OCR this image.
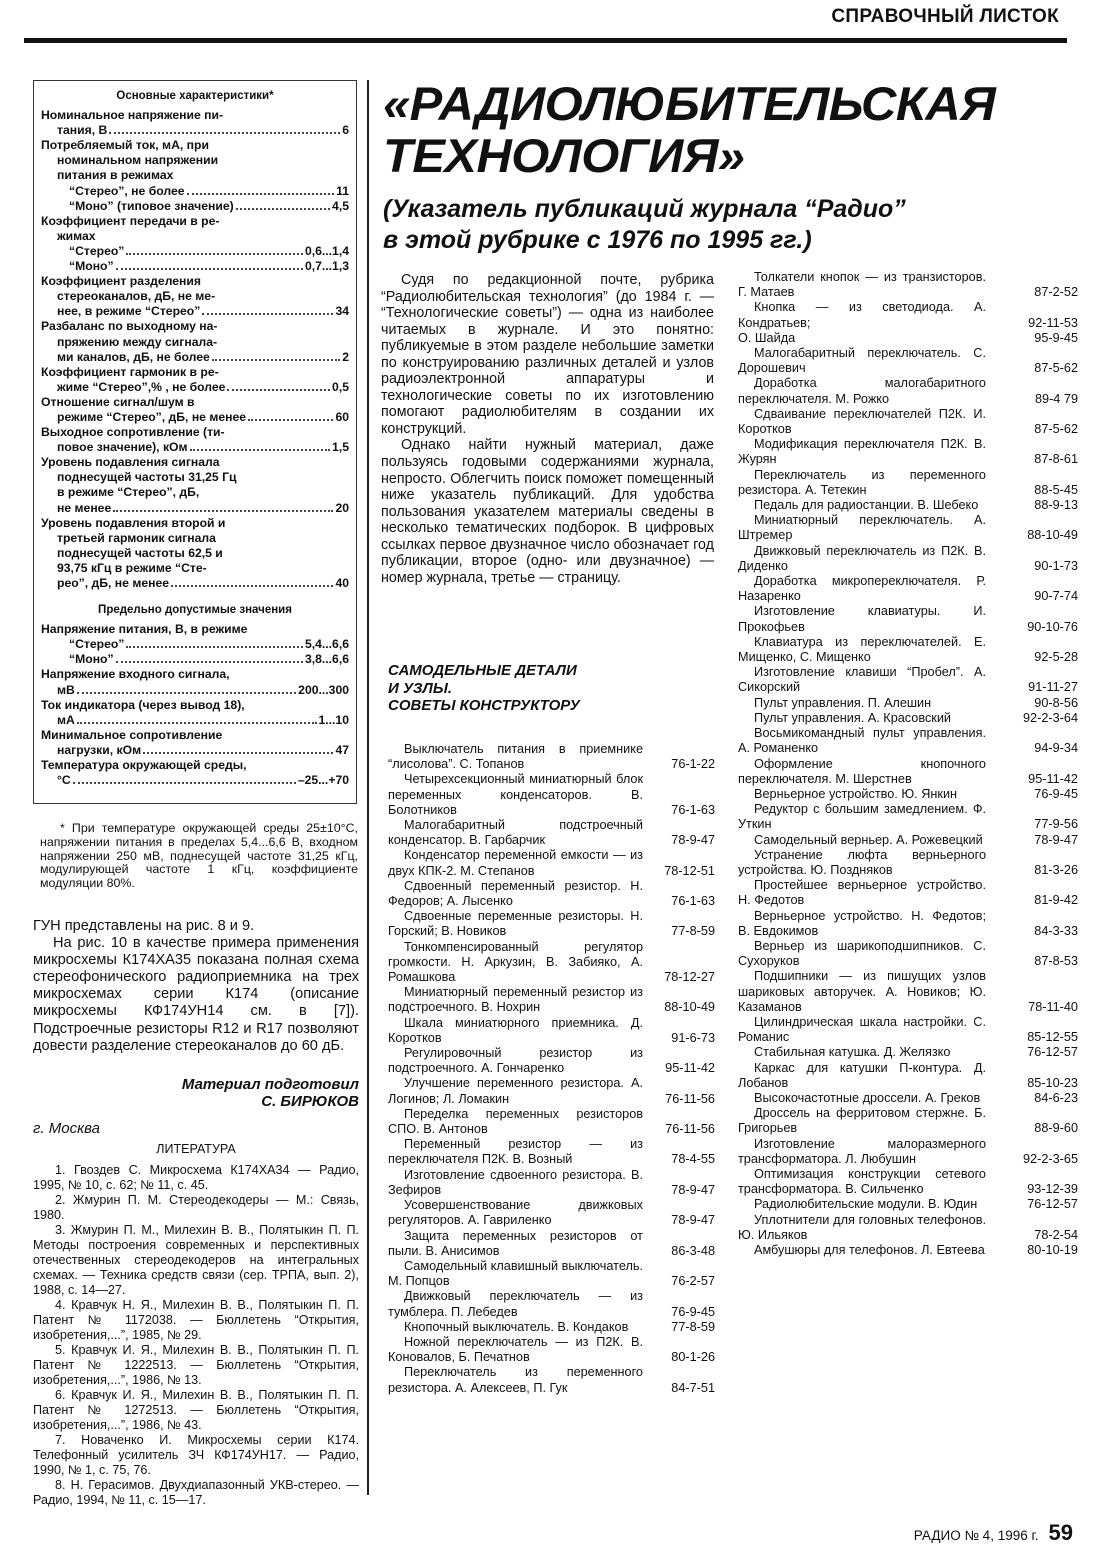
СПРАВОЧНЫЙ ЛИСТОК
Основные характеристики*
Номинальное напряжение пи-
тания, В	6
Потребляемый ток, мА, при
номинальном напряжении
питания в режимах
“Стерео”, не более	11
“Моно” (типовое значение)	4,5
Коэффициент передачи в ре-
жимах
“Стерео”	0,6...1,4
“Моно”	0,7...1,3
Коэффициент разделения
стереоканалов, дБ, не ме-
нее, в режиме “Стерео”	34
Разбаланс по выходному на-
пряжению между сигнала-
ми каналов, дБ, не более	2
Коэффициент гармоник в ре-
жиме “Стерео”,% , не более	0,5
Отношение сигнал/шум в
режиме “Стерео”, дБ, не менее	60
Выходное сопротивление (ти-
повое значение), кОм	1,5
Уровень подавления сигнала
поднесущей частоты 31,25 Гц
в режиме “Стерео”, дБ,
не менее	20
Уровень подавления второй и
третьей гармоник сигнала
поднесущей частоты 62,5 и
93,75 кГц в режиме “Сте-
рео”, дБ, не менее	40
Предельно допустимые значения
Напряжение питания, В, в режиме
“Стерео”	5,4...6,6
“Моно”	3,8...6,6
Напряжение входного сигнала,
мВ	200...300
Ток индикатора (через вывод 18),
мА	1...10
Минимальное сопротивление
нагрузки, кОм	47
Температура окружающей среды,
°С	–25...+70
* При температуре окружающей среды 25±10°С, напряжении питания в пределах 5,4...6,6 В, входном напряжении 250 мВ, поднесущей частоте 31,25 кГц, модулирующей частоте 1 кГц, коэффициенте модуляции 80%.

ГУН представлены на рис. 8 и 9.

На рис. 10 в качестве примера применения микросхемы К174ХА35 показана полная схема стереофонического радиоприемника на трех микросхемах серии К174 (описание микросхемы КФ174УН14 см. в [7]). Подстроечные резисторы R12 и R17 позволяют довести разделение стереоканалов до 60 дБ.

Материал подготовил
С. БИРЮКОВ
г. Москва
ЛИТЕРАТУРА

1. Гвоздев С. Микросхема К174ХА34 — Радио, 1995, № 10, с. 62; № 11, с. 45.

2. Жмурин П. М. Стереодекодеры — М.: Связь, 1980.

3. Жмурин П. М., Милехин В. В., Полятыкин П. П. Методы построения современных и перспективных отечественных стереодекодеров на интегральных схемах. — Техника средств связи (сер. ТРПА, вып. 2), 1988, с. 14—27.

4. Кравчук Н. Я., Милехин В. В., Полятыкин П. П. Патент № 1172038. — Бюллетень “Открытия, изобретения,...”, 1985, № 29.

5. Кравчук И. Я., Милехин В. В., Полятыкин П. П. Патент № 1222513. — Бюллетень “Открытия, изобретения,...”, 1986, № 13.

6. Кравчук И. Я., Милехин В. В., Полятыкин П. П. Патент № 1272513. — Бюллетень “Открытия, изобретения,...”, 1986, № 43.

7. Новаченко И. Микросхемы серии К174. Телефонный усилитель ЗЧ КФ174УН17. — Радио, 1990, № 1, с. 75, 76.

8. Н. Герасимов. Двухдиапазонный УКВ-стерео. — Радио, 1994, № 11, с. 15—17.

«РАДИОЛЮБИТЕЛЬСКАЯ
ТЕХНОЛОГИЯ»
(Указатель публикаций журнала “Радио”
в этой рубрике с 1976 по 1995 гг.)

Судя по редакционной почте, рубрика “Радиолюбительская технология” (до 1984 г. — “Технологические советы”) — одна из наиболее читаемых в журнале. И это понятно: публикуемые в этом разделе небольшие заметки по конструированию различных деталей и узлов радиоэлектронной аппаратуры и технологические советы по их изготовлению помогают радиолюбителям в создании их конструкций.

Однако найти нужный материал, даже пользуясь годовыми содержаниями журнала, непросто. Облегчить поиск поможет помещенный ниже указатель публикаций. Для удобства пользования указателем материалы сведены в несколько тематических подборок. В цифровых ссылках первое двузначное число обозначает год публикации, второе (одно- или двузначное) — номер журнала, третье — страницу.

САМОДЕЛЬНЫЕ ДЕТАЛИ
И УЗЛЫ.
СОВЕТЫ КОНСТРУКТОРУ
Выключатель питания в приемнике “лисолова”. С. Топанов	76-1-22
Четырехсекционный миниатюрный блок переменных конденсаторов. В. Болотников	76-1-63
Малогабаритный подстроечный конденсатор. В. Гарбарчик	78-9-47
Конденсатор переменной емкости — из двух КПК-2. М. Степанов	78-12-51
Сдвоенный переменный резистор. Н. Федоров; А. Лысенко	76-1-63
Сдвоенные переменные резисторы. Н. Горский; В. Новиков	77-8-59
Тонкомпенсированный регулятор громкости. Н. Аркузин, В. Забияко, А. Ромашкова	78-12-27
Миниатюрный переменный резистор из подстроечного. В. Нохрин	88-10-49
Шкала миниатюрного приемника. Д. Коротков	91-6-73
Регулировочный резистор из подстроечного. А. Гончаренко	95-11-42
Улучшение переменного резистора. А. Логинов; Л. Ломакин	76-11-56
Переделка переменных резисторов СПО. В. Антонов	76-11-56
Переменный резистор — из переключателя П2К. В. Возный	78-4-55
Изготовление сдвоенного резистора. В. Зефиров	78-9-47
Усовершенствование движковых регуляторов. А. Гавриленко	78-9-47
Защита переменных резисторов от пыли. В. Анисимов	86-3-48
Самодельный клавишный выключатель. М. Попцов	76-2-57
Движковый переключатель — из тумблера. П. Лебедев	76-9-45
Кнопочный выключатель. В. Кондаков	77-8-59
Ножной переключатель — из П2К. В. Коновалов, Б. Печатнов	80-1-26
Переключатель из переменного резистора. А. Алексеев, П. Гук	84-7-51
Толкатели кнопок — из транзисторов. Г. Матаев	87-2-52
Кнопка — из светодиода. А. Кондратьев;	92-11-53
О. Шайда	95-9-45
Малогабаритный переключатель. С. Дорошевич	87-5-62
Доработка малогабаритного переключателя. М. Рожко	89-4 79
Сдваивание переключателей П2К. И. Коротков	87-5-62
Модификация переключателя П2К. В. Журян	87-8-61
Переключатель из переменного резистора. А. Тетекин	88-5-45
Педаль для радиостанции. В. Шебеко	88-9-13
Миниатюрный переключатель. А. Штремер	88-10-49
Движковый переключатель из П2К. В. Диденко	90-1-73
Доработка микропереключателя. Р. Назаренко	90-7-74
Изготовление клавиатуры. И. Прокофьев	90-10-76
Клавиатура из переключателей. Е. Мищенко, С. Мищенко	92-5-28
Изготовление клавиши “Пробел”. А. Сикорский	91-11-27
Пульт управления. П. Алешин	90-8-56
Пульт управления. А. Красовский	92-2-3-64
Восьмикомандный пульт управления. А. Романенко	94-9-34
Оформление кнопочного переключателя. М. Шерстнев	95-11-42
Верньерное устройство. Ю. Янкин	76-9-45
Редуктор с большим замедлением. Ф. Уткин	77-9-56
Самодельный верньер. А. Рожевецкий	78-9-47
Устранение люфта верньерного устройства. Ю. Поздняков	81-3-26
Простейшее верньерное устройство. Н. Федотов	81-9-42
Верньерное устройство. Н. Федотов; В. Евдокимов	84-3-33
Верньер из шарикоподшипников. С. Сухоруков	87-8-53
Подшипники — из пишущих узлов шариковых авторучек. А. Новиков; Ю. Казаманов	78-11-40
Цилиндрическая шкала настройки. С. Романис	85-12-55
Стабильная катушка. Д. Желязко	76-12-57
Каркас для катушки П-контура. Д. Лобанов	85-10-23
Высокочастотные дроссели. А. Греков	84-6-23
Дроссель на ферритовом стержне. Б. Григорьев	88-9-60
Изготовление малоразмерного трансформатора. Л. Любушин	92-2-3-65
Оптимизация конструкции сетевого трансформатора. В. Сильченко	93-12-39
Радиолюбительские модули. В. Юдин	76-12-57
Уплотнители для головных телефонов. Ю. Ильяков	78-2-54
Амбушюры для телефонов. Л. Евтеева	80-10-19
РАДИО № 4, 1996 г. 59
